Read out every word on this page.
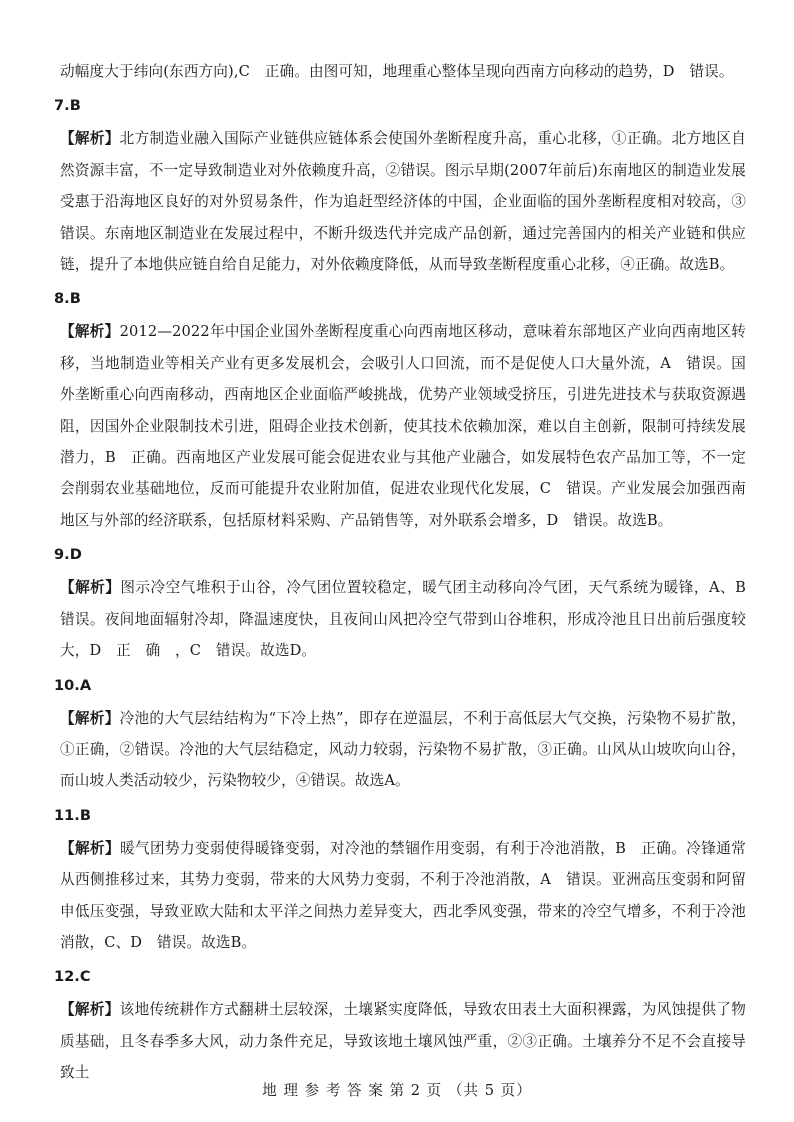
动幅度大于纬向(东西方向),C　正确。由图可知，地理重心整体呈现向西南方向移动的趋势，D　错误。

7.B

【解析】北方制造业融入国际产业链供应链体系会使国外垄断程度升高，重心北移，①正确。北方地区自然资源丰富，不一定导致制造业对外依赖度升高，②错误。图示早期(2007年前后)东南地区的制造业发展受惠于沿海地区良好的对外贸易条件，作为追赶型经济体的中国，企业面临的国外垄断程度相对较高，③错误。东南地区制造业在发展过程中，不断升级迭代并完成产品创新，通过完善国内的相关产业链和供应链，提升了本地供应链自给自足能力，对外依赖度降低，从而导致垄断程度重心北移，④正确。故选B。

8.B

【解析】2012—2022年中国企业国外垄断程度重心向西南地区移动，意味着东部地区产业向西南地区转移，当地制造业等相关产业有更多发展机会，会吸引人口回流，而不是促使人口大量外流，A　错误。国外垄断重心向西南移动，西南地区企业面临严峻挑战，优势产业领域受挤压，引进先进技术与获取资源遇阻，因国外企业限制技术引进，阻碍企业技术创新，使其技术依赖加深，难以自主创新，限制可持续发展潜力，B　正确。西南地区产业发展可能会促进农业与其他产业融合，如发展特色农产品加工等，不一定会削弱农业基础地位，反而可能提升农业附加值，促进农业现代化发展，C　错误。产业发展会加强西南地区与外部的经济联系，包括原材料采购、产品销售等，对外联系会增多，D　错误。故选B。

9.D

【解析】图示冷空气堆积于山谷，冷气团位置较稳定，暖气团主动移向冷气团，天气系统为暖锋，A、B　错误。夜间地面辐射冷却，降温速度快，且夜间山风把冷空气带到山谷堆积，形成冷池且日出前后强度较大，D　正　确　，C　错误。故选D。

10.A

【解析】冷池的大气层结结构为“下冷上热”，即存在逆温层，不利于高低层大气交换，污染物不易扩散，①正确，②错误。冷池的大气层结稳定，风动力较弱，污染物不易扩散，③正确。山风从山坡吹向山谷，而山坡人类活动较少，污染物较少，④错误。故选A。

11.B

【解析】暖气团势力变弱使得暖锋变弱，对冷池的禁锢作用变弱，有利于冷池消散，B　正确。冷锋通常从西侧推移过来，其势力变弱，带来的大风势力变弱，不利于冷池消散，A　错误。亚洲高压变弱和阿留申低压变强，导致亚欧大陆和太平洋之间热力差异变大，西北季风变强，带来的冷空气增多，不利于冷池消散，C、D　错误。故选B。

12.C

【解析】该地传统耕作方式翻耕土层较深，土壤紧实度降低，导致农田表土大面积裸露，为风蚀提供了物质基础，且冬春季多大风，动力条件充足，导致该地土壤风蚀严重，②③正确。土壤养分不足不会直接导致土

地 理 参 考 答 案 第 2 页 （共 5 页）
